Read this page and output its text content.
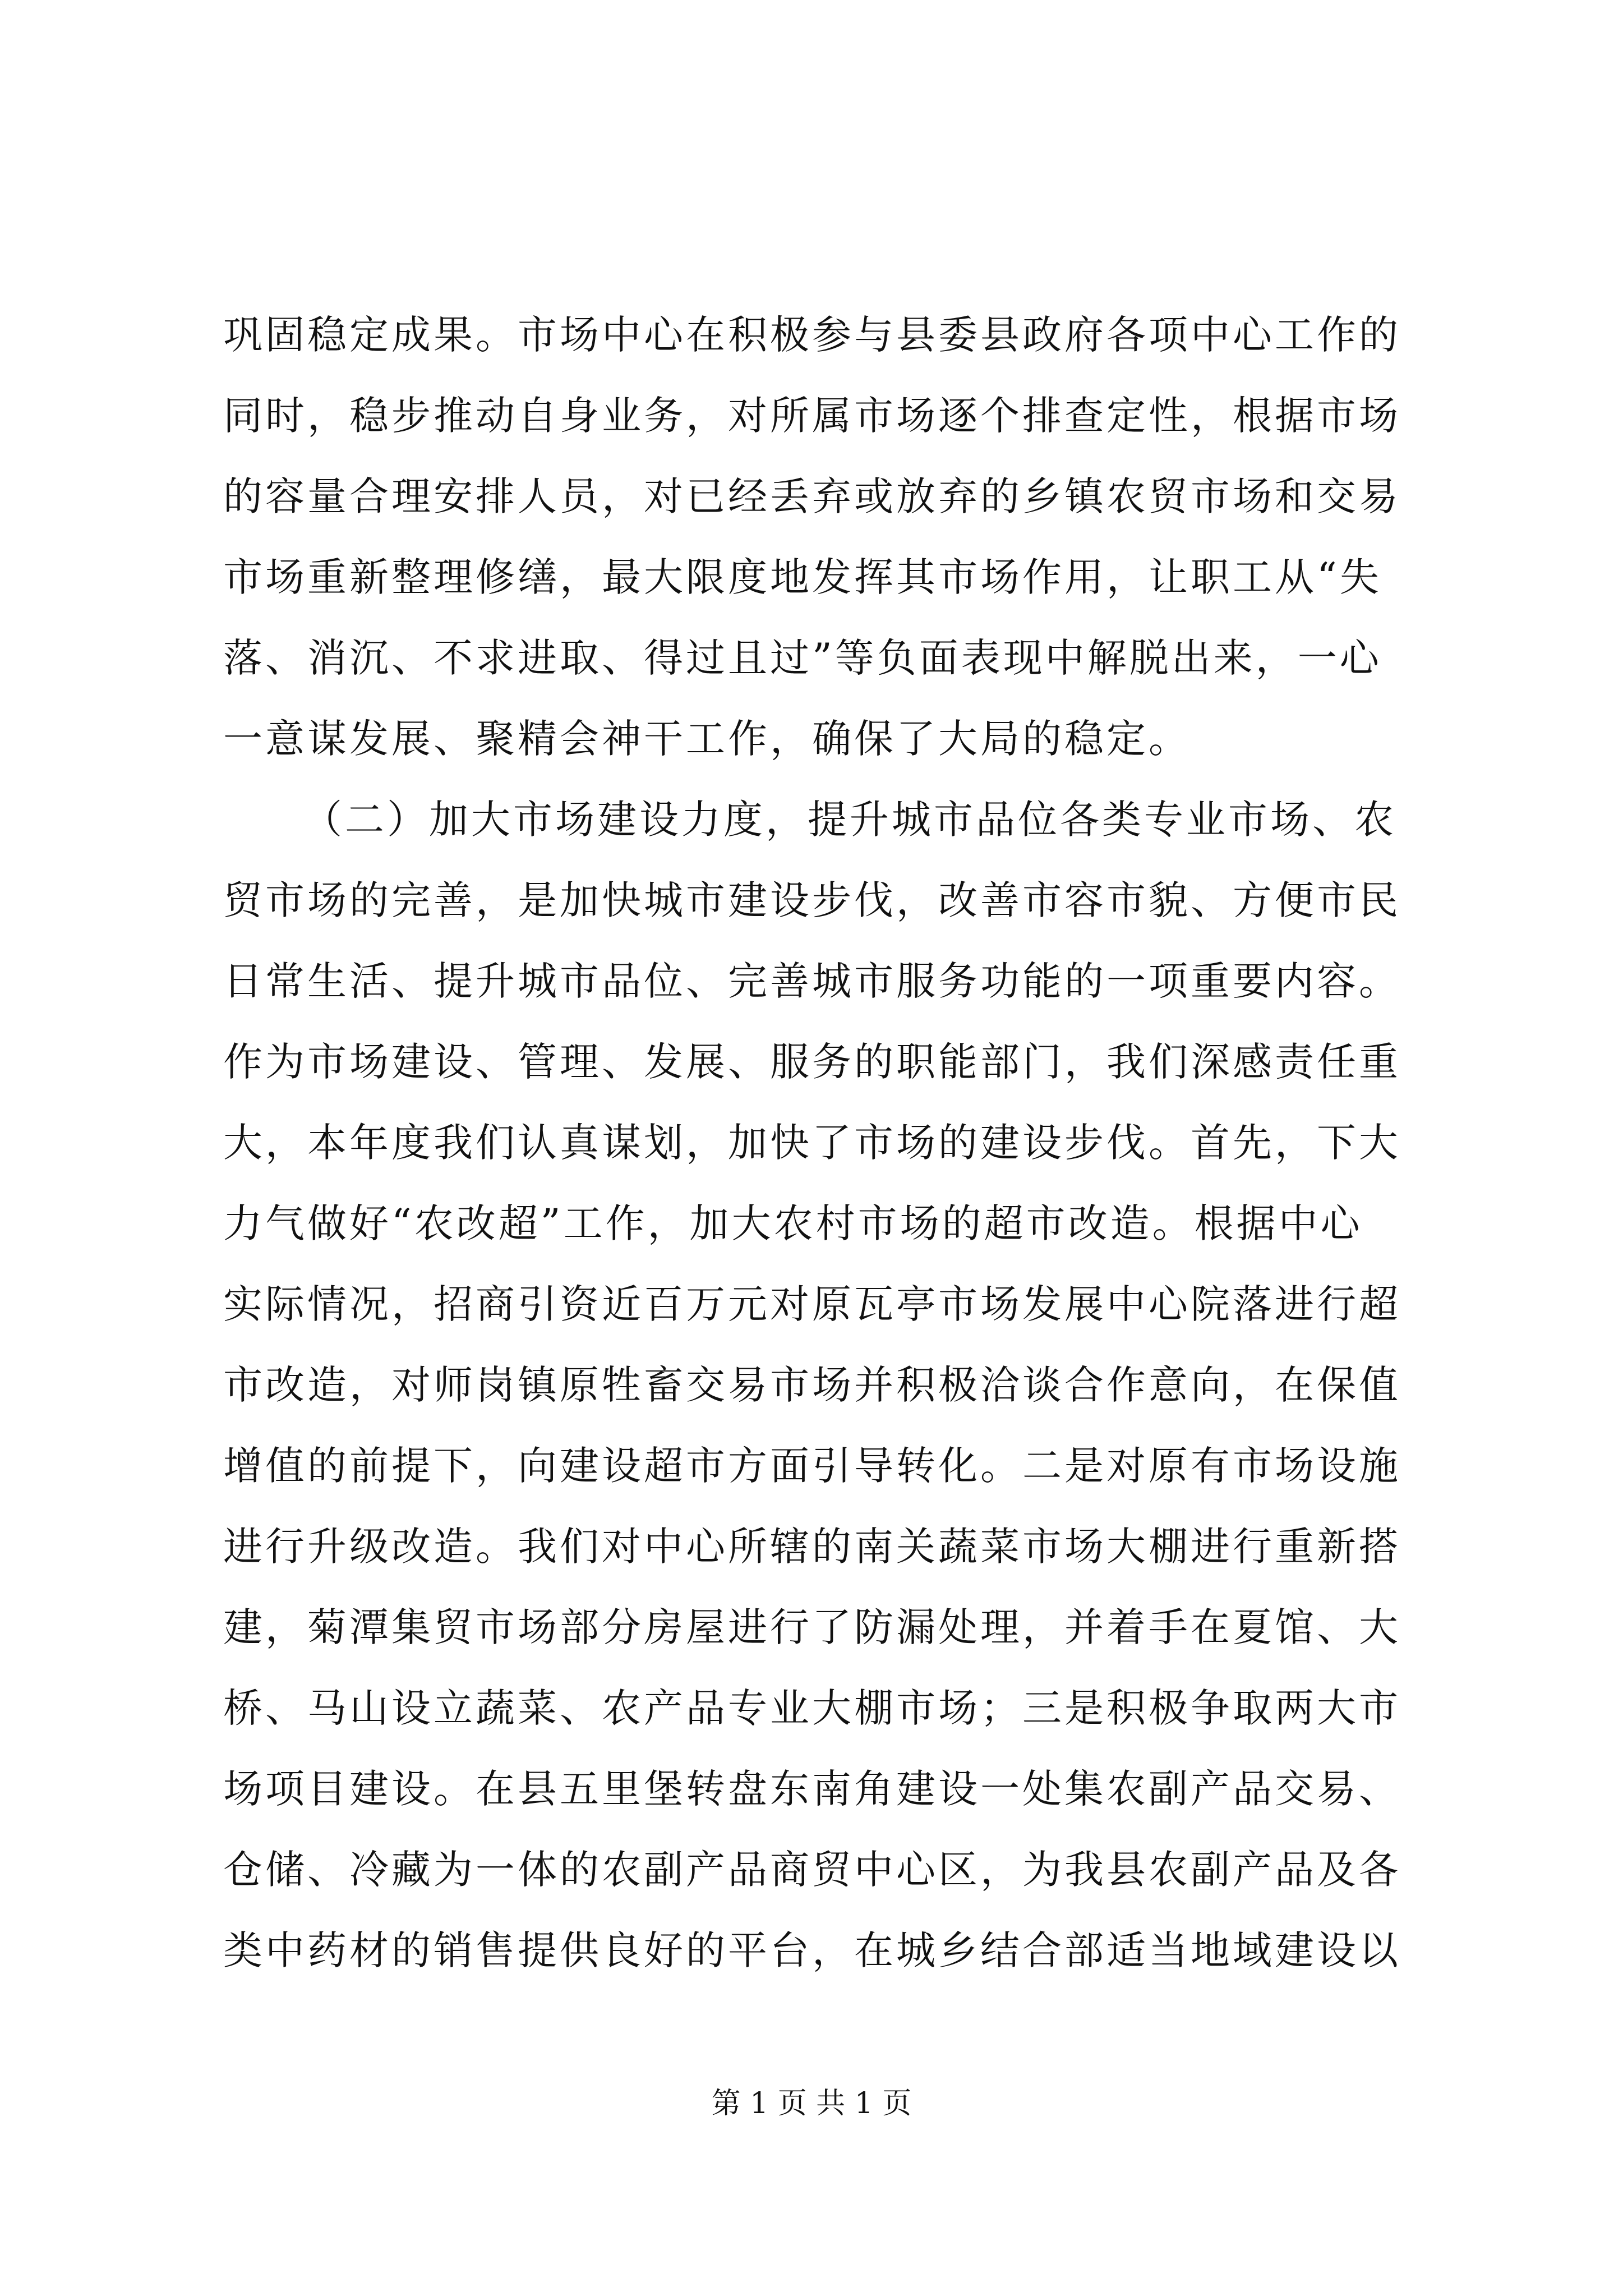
巩固稳定成果。市场中心在积极参与县委县政府各项中心工作的
同时，稳步推动自身业务，对所属市场逐个排查定性，根据市场
的容量合理安排人员，对已经丢弃或放弃的乡镇农贸市场和交易
市场重新整理修缮，最大限度地发挥其市场作用，让职工从“失
落、消沉、不求进取、得过且过”等负面表现中解脱出来，一心
一意谋发展、聚精会神干工作，确保了大局的稳定。
（二）加大市场建设力度，提升城市品位各类专业市场、农
贸市场的完善，是加快城市建设步伐，改善市容市貌、方便市民
日常生活、提升城市品位、完善城市服务功能的一项重要内容。
作为市场建设、管理、发展、服务的职能部门，我们深感责任重
大，本年度我们认真谋划，加快了市场的建设步伐。首先，下大
力气做好“农改超”工作，加大农村市场的超市改造。根据中心
实际情况，招商引资近百万元对原瓦亭市场发展中心院落进行超
市改造，对师岗镇原牲畜交易市场并积极洽谈合作意向，在保值
增值的前提下，向建设超市方面引导转化。二是对原有市场设施
进行升级改造。我们对中心所辖的南关蔬菜市场大棚进行重新搭
建，菊潭集贸市场部分房屋进行了防漏处理，并着手在夏馆、大
桥、马山设立蔬菜、农产品专业大棚市场；三是积极争取两大市
场项目建设。在县五里堡转盘东南角建设一处集农副产品交易、
仓储、冷藏为一体的农副产品商贸中心区，为我县农副产品及各
类中药材的销售提供良好的平台，在城乡结合部适当地域建设以
第 1 页 共 1 页
